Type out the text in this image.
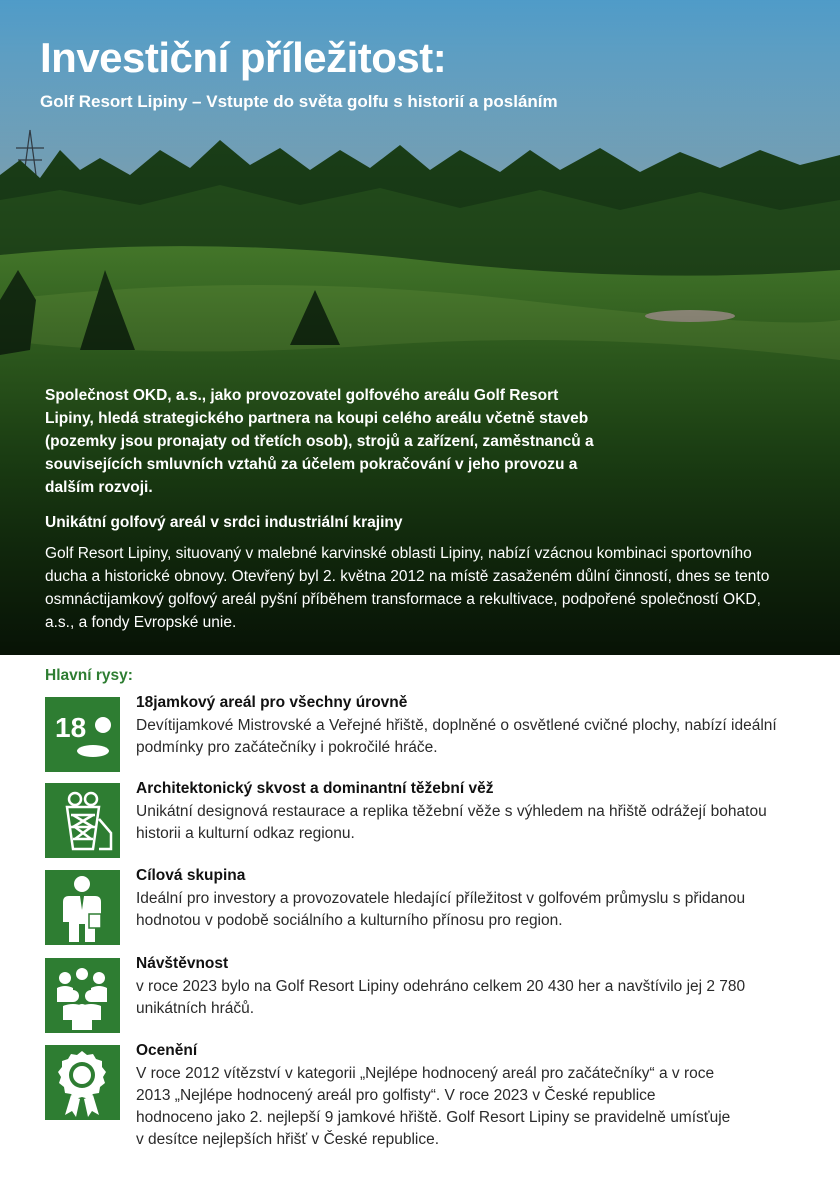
Investiční příležitost:
Golf Resort Lipiny – Vstupte do světa golfu s historií a posláním

Společnost OKD, a.s., jako provozovatel golfového areálu Golf Resort Lipiny, hledá strategického partnera na koupi celého areálu včetně staveb (pozemky jsou pronajaty od třetích osob), strojů a zařízení, zaměstnanců a souvisejících smluvních vztahů za účelem pokračování v jeho provozu a dalším rozvoji.

Unikátní golfový areál v srdci industriální krajiny

Golf Resort Lipiny, situovaný v malebné karvinské oblasti Lipiny, nabízí vzácnou kombinaci sportovního ducha a historické obnovy. Otevřený byl 2. května 2012 na místě zasaženém důlní činností, dnes se tento osmnáctijamkový golfový areál pyšní příběhem transformace a rekultivace, podpořené společností OKD, a.s., a fondy Evropské unie.

Hlavní rysy:
18
18jamkový areál pro všechny úrovně
Devítijamkové Mistrovské a Veřejné hřiště, doplněné o osvětlené cvičné plochy, nabízí ideální podmínky pro začátečníky i pokročilé hráče.
Architektonický skvost a dominantní těžební věž
Unikátní designová restaurace a replika těžební věže s výhledem na hřiště odrážejí bohatou historii a kulturní odkaz regionu.
Cílová skupina
Ideální pro investory a provozovatele hledající příležitost v golfovém průmyslu s přidanou hodnotou v podobě sociálního a kulturního přínosu pro region.
Návštěvnost
v roce 2023 bylo na Golf Resort Lipiny odehráno celkem 20 430 her a navštívilo jej 2 780 unikátních hráčů.
Ocenění
V roce 2012 vítězství v kategorii „Nejlépe hodnocený areál pro začátečníky“ a v roce 2013 „Nejlépe hodnocený areál pro golfisty“. V roce 2023 v České republice hodnoceno jako 2. nejlepší 9 jamkové hřiště. Golf Resort Lipiny se pravidelně umísťuje v desítce nejlepších hřišť v České republice.
